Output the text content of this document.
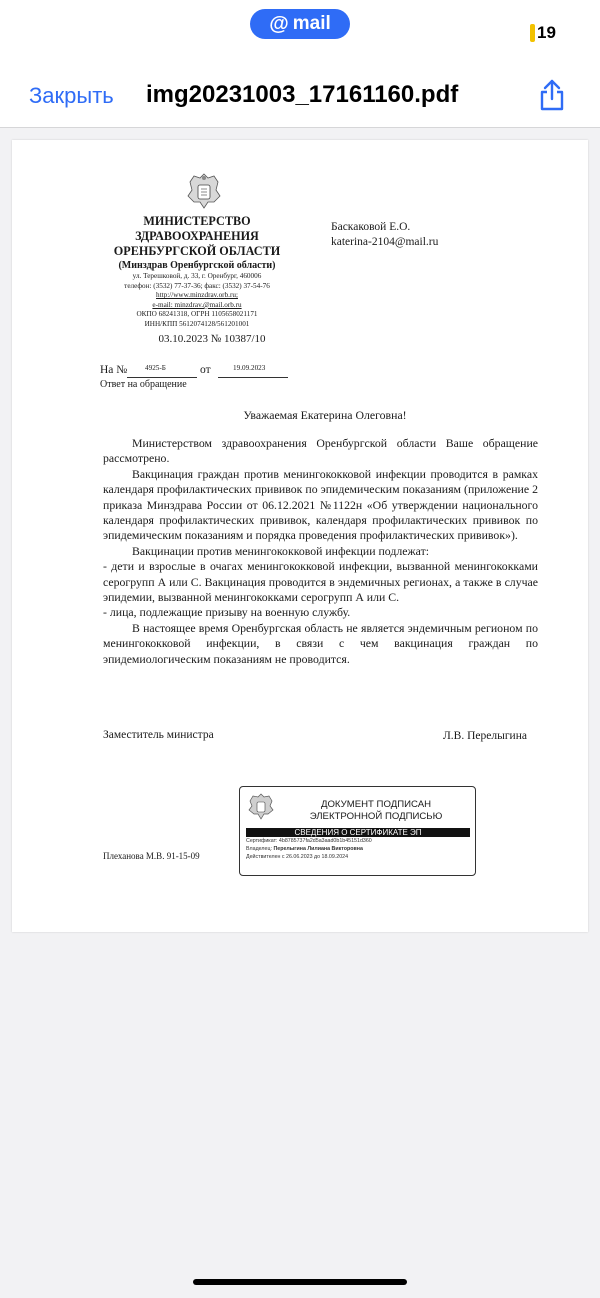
@ mail	19
Закрыть img20231003_17161160.pdf
МИНИСТЕРСТВО
ЗДРАВООХРАНЕНИЯ
ОРЕНБУРГСКОЙ ОБЛАСТИ
(Минздрав Оренбургской области)
ул. Терешковой, д. 33, г. Оренбург, 460006
телефон: (3532) 77-37-36; факс: (3532) 37-54-76
http://www.minzdrav.orb.ru;
e-mail: minzdrav.@mail.orb.ru
ОКПО 68241318, ОГРН 1105658021171
ИНН/КПП 5612074128/561201001
03.10.2023 № 10387/10
Баскаковой Е.О.
katerina-2104@mail.ru
На № 4925-Б	от	19.09.2023
Ответ на обращение
Уважаемая Екатерина Олеговна!

Министерством здравоохранения Оренбургской области Ваше обращение рассмотрено.

Вакцинация граждан против менингококковой инфекции проводится в рамках календаря профилактических прививок по эпидемическим показаниям (приложение 2 приказа Минздрава России от 06.12.2021 №1122н «Об утверждении национального календаря профилактических прививок, календаря профилактических прививок по эпидемическим показаниям и порядка проведения профилактических прививок»).

Вакцинации против менингококковой инфекции подлежат:

- дети и взрослые в очагах менингококковой инфекции, вызванной менингококками серогрупп А или С. Вакцинация проводится в эндемичных регионах, а также в случае эпидемии, вызванной менингококками серогрупп А или С.

- лица, подлежащие призыву на военную службу.

В настоящее время Оренбургская область не является эндемичным регионом по менингококковой инфекции, в связи с чем вакцинация граждан по эпидемиологическим показаниям не проводится.

Заместитель министра	Л.В. Перелыгина
ДОКУМЕНТ ПОДПИСАН
ЭЛЕКТРОННОЙ ПОДПИСЬЮ
СВЕДЕНИЯ О СЕРТИФИКАТЕ ЭП
Сертификат: 4b8785737fa2d5a3aad0b1b45151d360
Владелец: Перелыгина Лилиана Викторовна
Действителен с 26.06.2023 до 18.09.2024
Плеханова М.В. 91-15-09
